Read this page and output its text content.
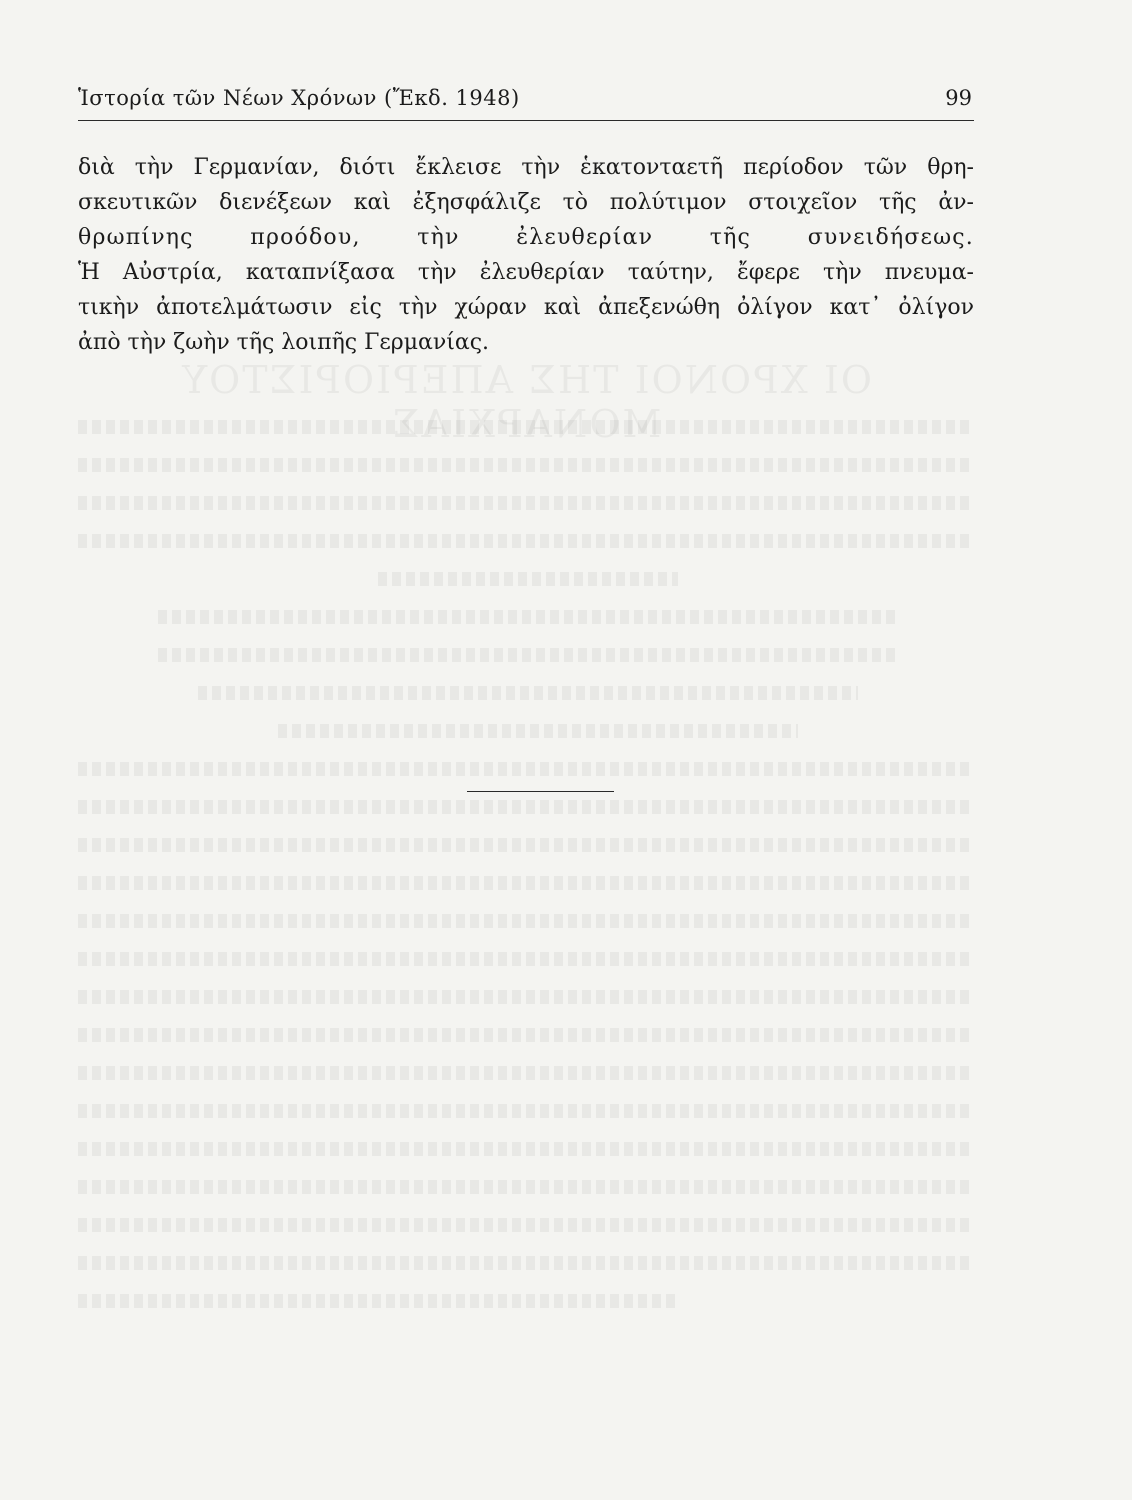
Ἱστορία τῶν Νέων Χρόνων (Ἔκδ. 1948)	99
διὰ τὴν Γερμανίαν, διότι ἔκλεισε τὴν ἑκατονταετῆ περίοδον τῶν θρη-
σκευτικῶν διενέξεων καὶ ἐξησφάλιζε τὸ πολύτιμον στοιχεῖον τῆς ἀν-
θρωπίνης προόδου, τὴν ἐλευθερίαν τῆς συνειδήσεως.
Ἡ Αὐστρία, καταπνίξασα τὴν ἐλευθερίαν ταύτην, ἔφερε τὴν πνευμα-
τικὴν ἀποτελμάτωσιν εἰς τὴν χώραν καὶ ἀπεξενώθη ὀλίγον κατ᾽ ὀλίγον
ἀπὸ τὴν ζωὴν τῆς λοιπῆς Γερμανίας.
